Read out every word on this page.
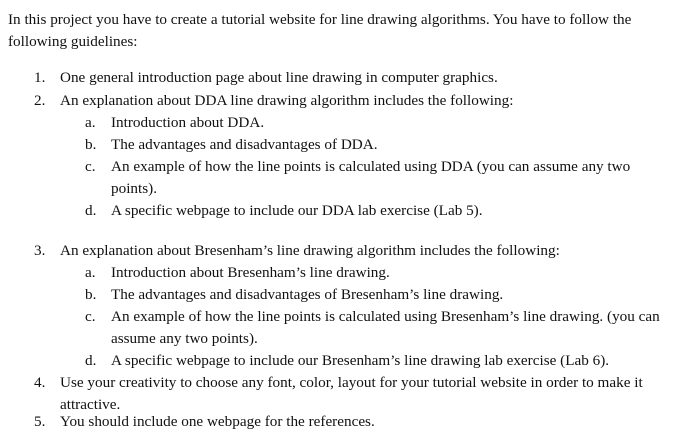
In this project you have to create a tutorial website for line drawing algorithms. You have to follow the following guidelines:

1. One general introduction page about line drawing in computer graphics.
2. An explanation about DDA line drawing algorithm includes the following:
a. Introduction about DDA.
b. The advantages and disadvantages of DDA.
c. An example of how the line points is calculated using DDA (you can assume any two points).
d. A specific webpage to include our DDA lab exercise (Lab 5).
3. An explanation about Bresenham’s line drawing algorithm includes the following:
a. Introduction about Bresenham’s line drawing.
b. The advantages and disadvantages of Bresenham’s line drawing.
c. An example of how the line points is calculated using Bresenham’s line drawing. (you can assume any two points).
d. A specific webpage to include our Bresenham’s line drawing lab exercise (Lab 6).
4. Use your creativity to choose any font, color, layout for your tutorial website in order to make it attractive.
5. You should include one webpage for the references.
